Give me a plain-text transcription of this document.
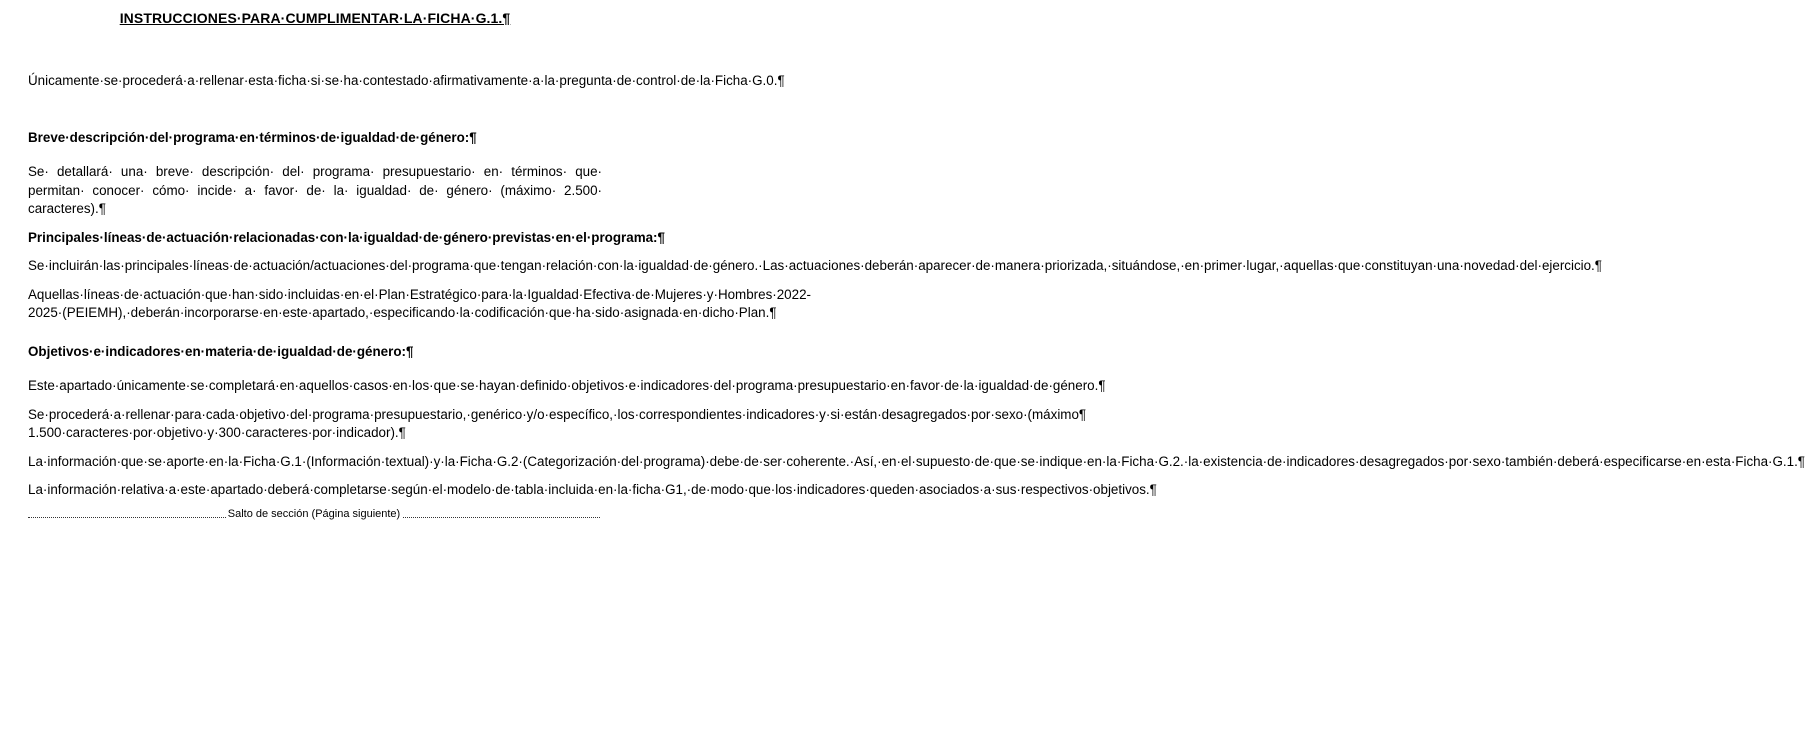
INSTRUCCIONES·PARA·CUMPLIMENTAR·LA·FICHA·G.1.¶

Únicamente·se·procederá·a·rellenar·esta·ficha·si·se·ha·contestado·afirmativamente·a·la·pregunta·de·control·de·la·Ficha·G.0.¶

Breve·descripción·del·programa·en·términos·de·igualdad·de·género:¶

Se· detallará· una· breve· descripción· del· programa· presupuestario· en· términos· que· permitan· conocer· cómo· incide· a· favor· de· la· igualdad· de· género· (máximo· 2.500· caracteres).¶

Principales·líneas·de·actuación·relacionadas·con·la·igualdad·de·género·previstas·en·el·programa:¶

Se·incluirán·las·principales·líneas·de·actuación/actuaciones·del·programa·que·tengan·relación·con·la·igualdad·de·género.·Las·actuaciones·deberán·aparecer·de·manera·priorizada,·situándose,·en·primer·lugar,·aquellas·que·constituyan·una·novedad·del·ejercicio.¶

Aquellas·líneas·de·actuación·que·han·sido·incluidas·en·el·Plan·Estratégico·para·la·Igualdad·Efectiva·de·Mujeres·y·Hombres·2022-2025·(PEIEMH),·deberán·incorporarse·en·este·apartado,·especificando·la·codificación·que·ha·sido·asignada·en·dicho·Plan.¶

Objetivos·e·indicadores·en·materia·de·igualdad·de·género:¶

Este·apartado·únicamente·se·completará·en·aquellos·casos·en·los·que·se·hayan·definido·objetivos·e·indicadores·del·programa·presupuestario·en·favor·de·la·igualdad·de·género.¶

Se·procederá·a·rellenar·para·cada·objetivo·del·programa·presupuestario,·genérico·y/o·específico,·los·correspondientes·indicadores·y·si·están·desagregados·por·sexo·(máximo¶ 1.500·caracteres·por·objetivo·y·300·caracteres·por·indicador).¶

La·información·que·se·aporte·en·la·Ficha·G.1·(Información·textual)·y·la·Ficha·G.2·(Categorización·del·programa)·debe·de·ser·coherente.·Así,·en·el·supuesto·de·que·se·indique·en·la·Ficha·G.2.·la·existencia·de·indicadores·desagregados·por·sexo·también·deberá·especificarse·en·esta·Ficha·G.1.¶

La·información·relativa·a·este·apartado·deberá·completarse·según·el·modelo·de·tabla·incluida·en·la·ficha·G1,·de·modo·que·los·indicadores·queden·asociados·a·sus·respectivos·objetivos.¶Salto de sección (Página siguiente)
